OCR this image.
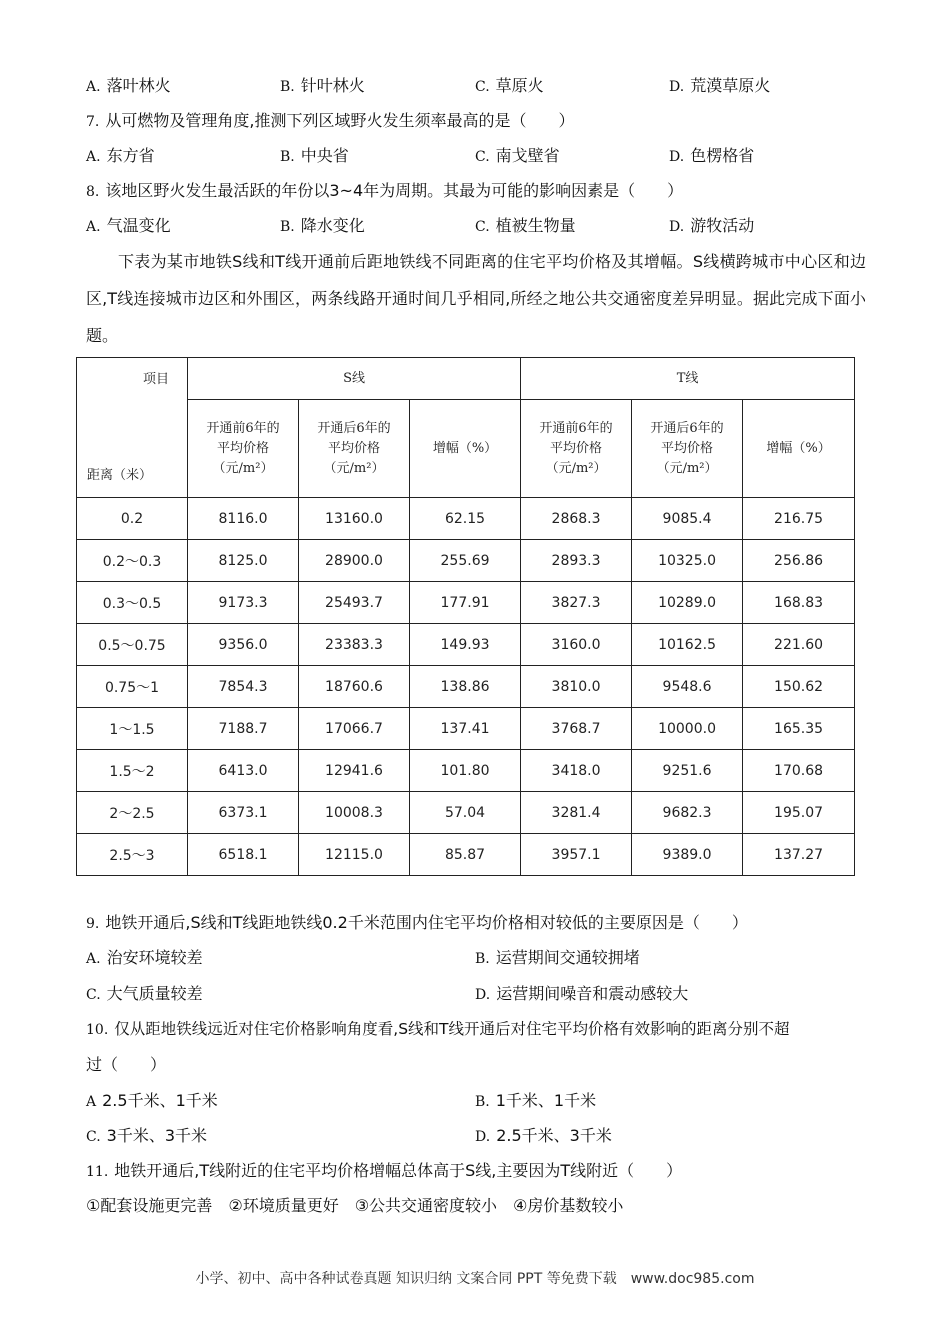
A. 落叶林火	B. 针叶林火	C. 草原火	D. 荒漠草原火
7. 从可燃物及管理角度,推测下列区域野火发生须率最高的是（　　）
A. 东方省	B. 中央省	C. 南戈壁省	D. 色楞格省
8. 该地区野火发生最活跃的年份以3~4年为周期。其最为可能的影响因素是（　　）
A. 气温变化	B. 降水变化	C. 植被生物量	D. 游牧活动
下表为某市地铁S线和T线开通前后距地铁线不同距离的住宅平均价格及其增幅。S线横跨城市中心区和边区,T线连接城市边区和外围区，两条线路开通时间几乎相同,所经之地公共交通密度差异明显。据此完成下面小题。
项目
距离（米）	S线			T线		

	开通前6年的平均价格（元/m²）	开通后6年的平均价格（元/m²）	增幅（%）	开通前6年的平均价格（元/m²）	开通后6年的平均价格（元/m²）	增幅（%）
0.2	8116.0	13160.0	62.15	2868.3	9085.4	216.75
0.2～0.3	8125.0	28900.0	255.69	2893.3	10325.0	256.86
0.3～0.5	9173.3	25493.7	177.91	3827.3	10289.0	168.83
0.5～0.75	9356.0	23383.3	149.93	3160.0	10162.5	221.60
0.75～1	7854.3	18760.6	138.86	3810.0	9548.6	150.62
1～1.5	7188.7	17066.7	137.41	3768.7	10000.0	165.35
1.5～2	6413.0	12941.6	101.80	3418.0	9251.6	170.68
2～2.5	6373.1	10008.3	57.04	3281.4	9682.3	195.07
2.5～3	6518.1	12115.0	85.87	3957.1	9389.0	137.27
9. 地铁开通后,S线和T线距地铁线0.2千米范围内住宅平均价格相对较低的主要原因是（　　）
A. 治安环境较差	B. 运营期间交通较拥堵
C. 大气质量较差	D. 运营期间噪音和震动感较大
10. 仅从距地铁线远近对住宅价格影响角度看,S线和T线开通后对住宅平均价格有效影响的距离分别不超
过（　　）
A 2.5千米、1千米	B. 1千米、1千米
C. 3千米、3千米	D. 2.5千米、3千米
11. 地铁开通后,T线附近的住宅平均价格增幅总体高于S线,主要因为T线附近（　　）
①配套设施更完善　②环境质量更好　③公共交通密度较小　④房价基数较小
小学、初中、高中各种试卷真题 知识归纳 文案合同 PPT 等免费下载　www.doc985.com
